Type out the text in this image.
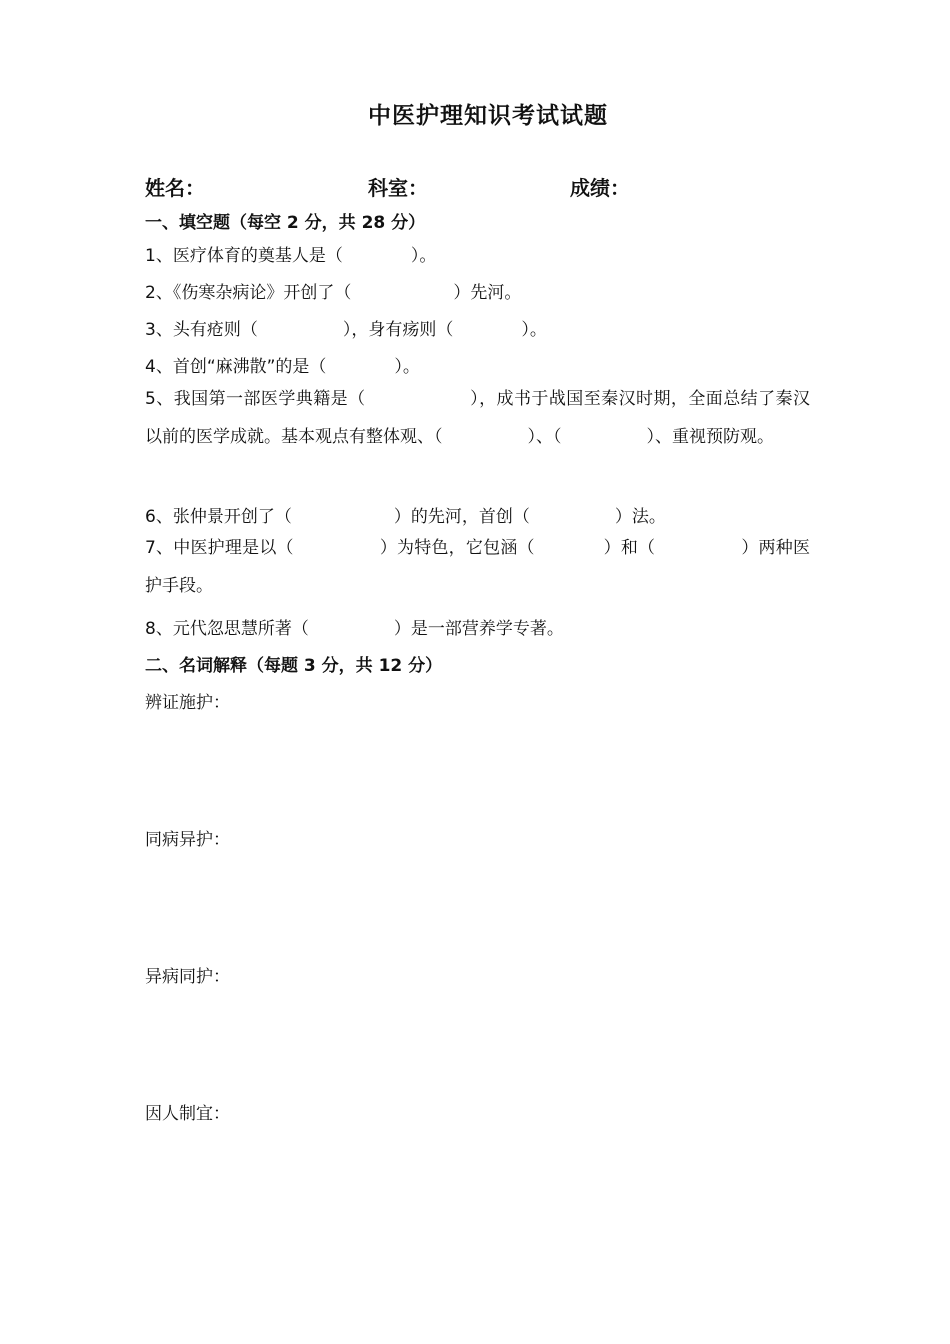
中医护理知识考试试题
姓名：	科室：	成绩：
一、填空题（每空 2 分，共 28 分）
1、医疗体育的奠基人是（　　　　）。
2、《伤寒杂病论》开创了（　　　　　　）先河。
3、头有疮则（　　　　　），身有疡则（　　　　）。
4、首创“麻沸散”的是（　　　　）。
5、我国第一部医学典籍是（　　　　　　），成书于战国至秦汉时期，全面总结了秦汉以前的医学成就。基本观点有整体观、（　　　　　）、（　　　　　）、重视预防观。
6、张仲景开创了（　　　　　　）的先河，首创（　　　　　）法。
7、中医护理是以（　　　　　）为特色，它包涵（　　　　）和（　　　　　）两种医护手段。
8、元代忽思慧所著（　　　　　）是一部营养学专著。
二、名词解释（每题 3 分，共 12 分）
辨证施护：
同病异护：
异病同护：
因人制宜：
